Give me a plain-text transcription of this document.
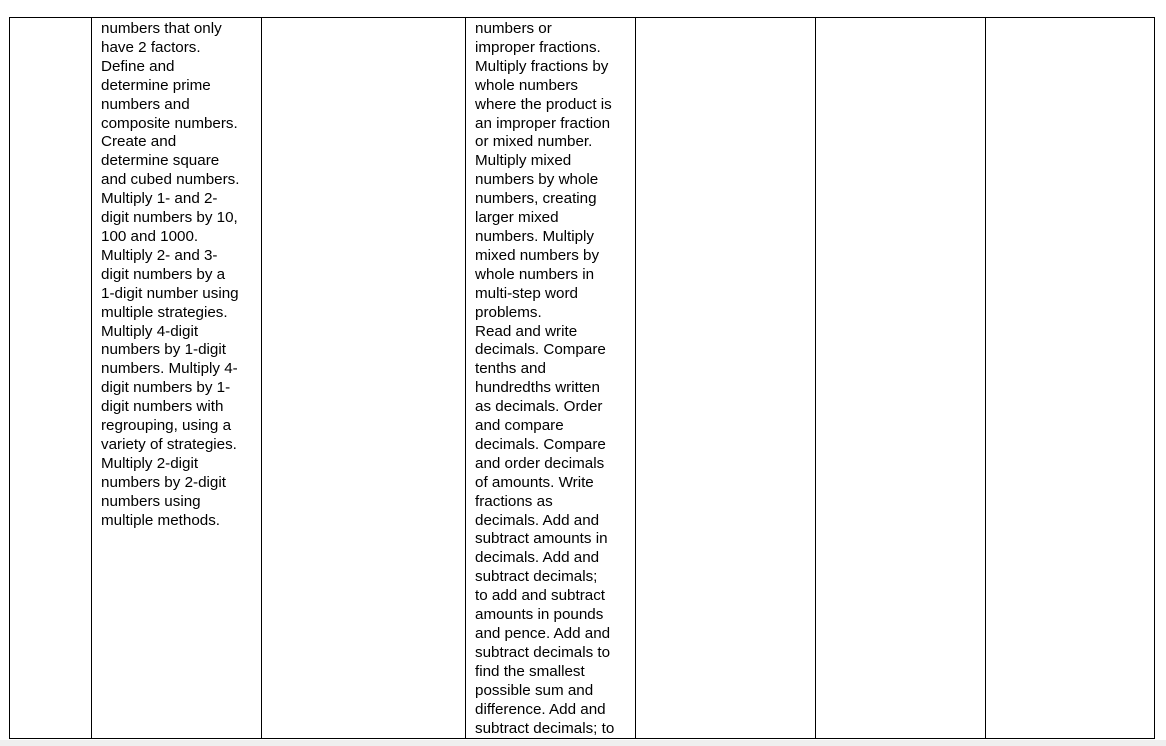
numbers that only
have 2 factors.
Define and
determine prime
numbers and
composite numbers.
Create and
determine square
and cubed numbers.
Multiply 1- and 2-
digit numbers by 10,
100 and 1000.
Multiply 2- and 3-
digit numbers by a
1-digit number using
multiple strategies.
Multiply 4-digit
numbers by 1-digit
numbers. Multiply 4-
digit numbers by 1-
digit numbers with
regrouping, using a
variety of strategies.
Multiply 2-digit
numbers by 2-digit
numbers using
multiple methods.

numbers or
improper fractions.
Multiply fractions by
whole numbers
where the product is
an improper fraction
or mixed number.
Multiply mixed
numbers by whole
numbers, creating
larger mixed
numbers. Multiply
mixed numbers by
whole numbers in
multi-step word
problems.
Read and write
decimals. Compare
tenths and
hundredths written
as decimals. Order
and compare
decimals. Compare
and order decimals
of amounts. Write
fractions as
decimals. Add and
subtract amounts in
decimals. Add and
subtract decimals;
to add and subtract
amounts in pounds
and pence. Add and
subtract decimals to
find the smallest
possible sum and
difference. Add and
subtract decimals; to
